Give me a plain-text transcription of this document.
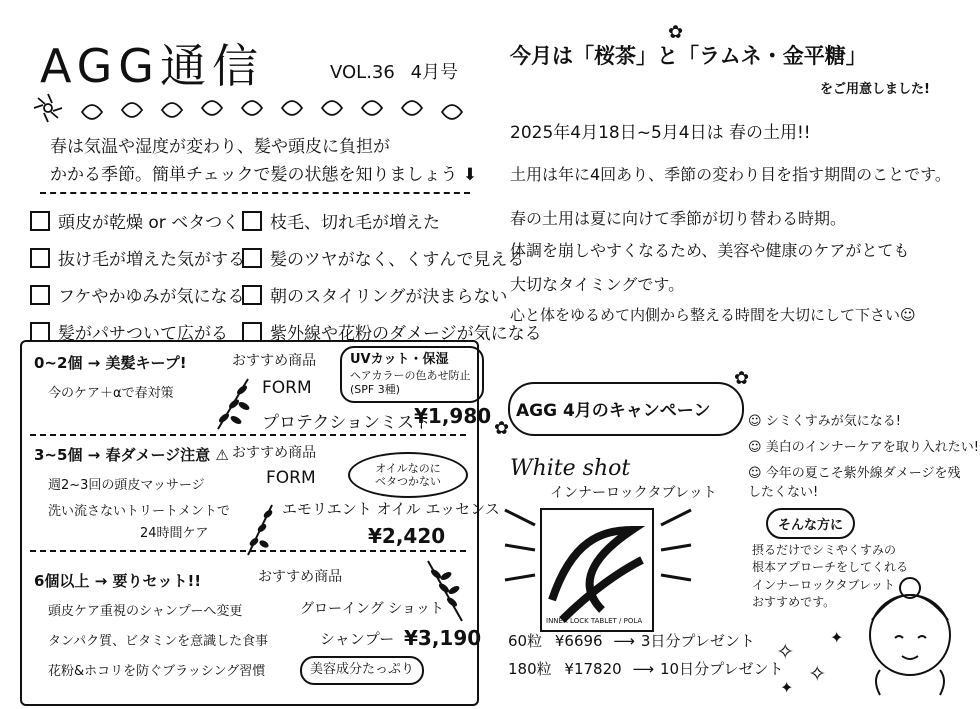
AGG通信	VOL.36 4月号
春は気温や湿度が変わり、髪や頭皮に負担が
かかる季節。簡単チェックで髪の状態を知りましょう ⬇
頭皮が乾燥 or ベタつく
抜け毛が増えた気がする
フケやかゆみが気になる
髪がパサついて広がる
枝毛、切れ毛が増えた
髪のツヤがなく、くすんで見える
朝のスタイリングが決まらない
紫外線や花粉のダメージが気になる
0~2個 → 美髪キープ!
今のケア＋αで春対策
おすすめ商品
FORM
プロテクションミスト
¥1,980
UVカット・保湿
ヘアカラーの色あせ防止
(SPF 3種)
3~5個 → 春ダメージ注意 ⚠
週2~3回の頭皮マッサージ
洗い流さないトリートメントで
24時間ケア
おすすめ商品
FORM
エモリエント オイル エッセンス
¥2,420
オイルなのに
ベタつかない
6個以上 → 要りセット!!
頭皮ケア重視のシャンプーへ変更
タンパク質、ビタミンを意識した食事
花粉&ホコリを防ぐブラッシング習慣
おすすめ商品
グローイング ショット
シャンプー ¥3,190
美容成分たっぷり
今月は「桜茶」と「ラムネ・金平糖」
✿
をご用意しました!
2025年4月18日~5月4日は 春の土用!!
土用は年に4回あり、季節の変わり目を指す期間のことです。
春の土用は夏に向けて季節が切り替わる時期。
体調を崩しやすくなるため、美容や健康のケアがとても
大切なタイミングです。
心と体をゆるめて内側から整える時間を大切にして下さい☺
AGG 4月のキャンペーン
✿
✿
White shot
インナーロックタブレット
INNER LOCK TABLET / POLA
60粒 ¥6696 ⟶ 3日分プレゼント
180粒 ¥17820 ⟶ 10日分プレゼント
☺ シミくすみが気になる!
☺ 美白のインナーケアを取り入れたい!
☺ 今年の夏こそ紫外線ダメージを残したくない!
そんな方に
摂るだけでシミやくすみの
根本アプローチをしてくれる
インナーロックタブレット
おすすめです。
✧
✧
✦
✦
